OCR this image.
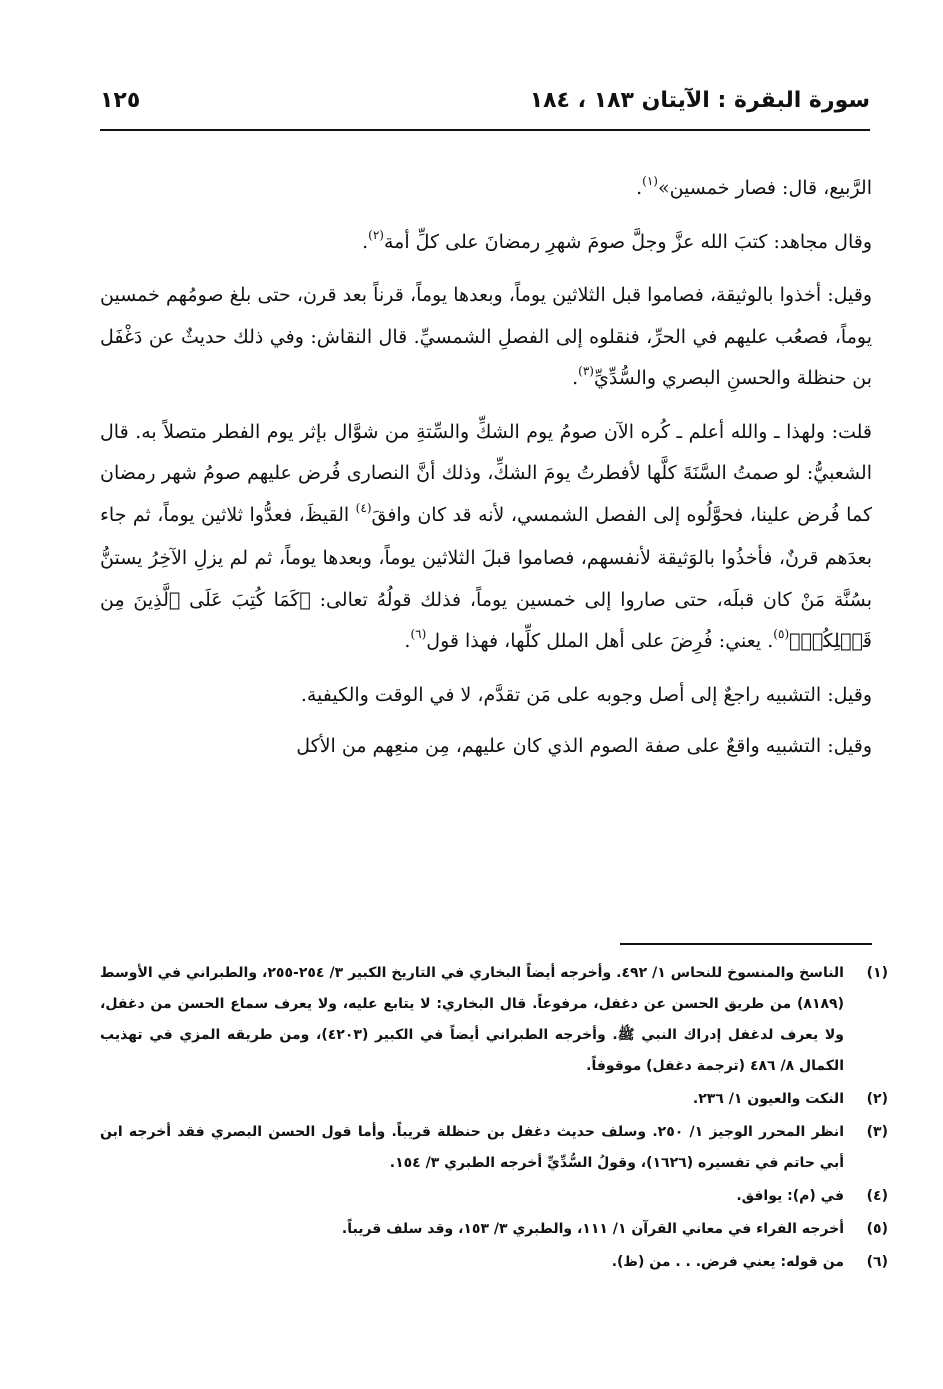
سورة البقرة : الآيتان ١٨٣ ، ١٨٤
١٢٥

الرَّبيع، قال: فصار خمسين»$^{(١)}$.

وقال مجاهد: كتبَ الله عزَّ وجلَّ صومَ شهرِ رمضانَ على كلِّ أمة$^{(٢)}$.

وقيل: أخذوا بالوثيقة، فصاموا قبل الثلاثين يوماً، وبعدها يوماً، قرناً بعد قرن، حتى بلغ صومُهم خمسين يوماً، فصعُب عليهم في الحرِّ، فنقلوه إلى الفصلِ الشمسيِّ. قال النقاش: وفي ذلك حديثٌ عن دَغْفَل بن حنظلة والحسنِ البصري والسُّدِّيِّ$^{(٣)}$.

قلت: ولهذا ـ والله أعلم ـ كُره الآن صومُ يوم الشكِّ والسِّتةِ من شوَّال بإثر يوم الفطر متصلاً به. قال الشعبيُّ: لو صمتُ السَّنَةَ كلَّها لأفطرتُ يومَ الشكِّ، وذلك أنَّ النصارى فُرض عليهم صومُ شهر رمضان كما فُرض علينا، فحوَّلُوه إلى الفصل الشمسي، لأنه قد كان وافقَ$^{(٤)}$ القيظَ، فعدُّوا ثلاثين يوماً، ثم جاء بعدَهم قرنٌ، فأخذُوا بالوَثيقة لأنفسهم، فصاموا قبلَ الثلاثين يوماً، وبعدها يوماً، ثم لم يزلِ الآخِرُ يستنُّ بسُنَّة مَنْ كان قبلَه، حتى صاروا إلى خمسين يوماً، فذلك قولُهُ تعالى: ﴿كَمَا كُتِبَ عَلَى ٱلَّذِينَ مِن قَبۡلِكُمۡ﴾$^{(٥)}$. يعني: فُرِضَ على أهل الملل كلِّها، فهذا قول$^{(٦)}$.

وقيل: التشبيه راجعٌ إلى أصل وجوبه على مَن تقدَّم، لا في الوقت والكيفية.

وقيل: التشبيه واقعٌ على صفة الصوم الذي كان عليهم، مِن منعِهم من الأكل

(١)
الناسخ والمنسوخ للنحاس ١/ ٤٩٢. وأخرجه أيضاً البخاري في التاريخ الكبير ٣/ ٢٥٤-٢٥٥، والطبراني في الأوسط (٨١٨٩) من طريق الحسن عن دغفل، مرفوعاً. قال البخاري: لا يتابع عليه، ولا يعرف سماع الحسن من دغفل، ولا يعرف لدغفل إدراك النبي ﷺ. وأخرجه الطبراني أيضاً في الكبير (٤٢٠٣)، ومن طريقه المزي في تهذيب الكمال ٨/ ٤٨٦ (ترجمة دغفل) موقوفاً.
(٢)
النكت والعيون ١/ ٢٣٦.
(٣)
انظر المحرر الوجيز ١/ ٢٥٠. وسلف حديث دغفل بن حنظلة قريباً. وأما قول الحسن البصري فقد أخرجه ابن أبي حاتم في تفسيره (١٦٢٦)، وقولُ السُّدِّيِّ أخرجه الطبري ٣/ ١٥٤.
(٤)
في (م): يوافق.
(٥)
أخرجه الفراء في معاني القرآن ١/ ١١١، والطبري ٣/ ١٥٣، وقد سلف قريباً.
(٦)
من قوله: يعني فرض. . . من (ظ).
